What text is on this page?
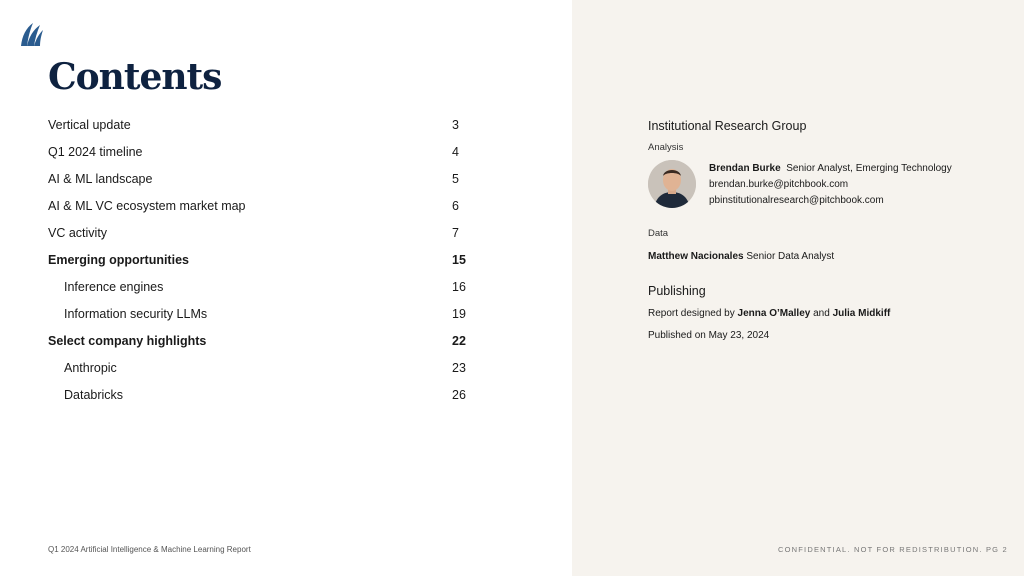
Contents
Vertical update	3
Q1 2024 timeline	4
AI & ML landscape	5
AI & ML VC ecosystem market map	6
VC activity	7
Emerging opportunities	15
Inference engines	16
Information security LLMs	19
Select company highlights	22
Anthropic	23
Databricks	26
Q1 2024 Artificial Intelligence & Machine Learning Report
Institutional Research Group
Analysis
Brendan Burke Senior Analyst, Emerging Technology
brendan.burke@pitchbook.com
pbinstitutionalresearch@pitchbook.com
Data
Matthew Nacionales Senior Data Analyst
Publishing
Report designed by Jenna O’Malley and Julia Midkiff
Published on May 23, 2024
CONFIDENTIAL. NOT FOR REDISTRIBUTION. PG 2
